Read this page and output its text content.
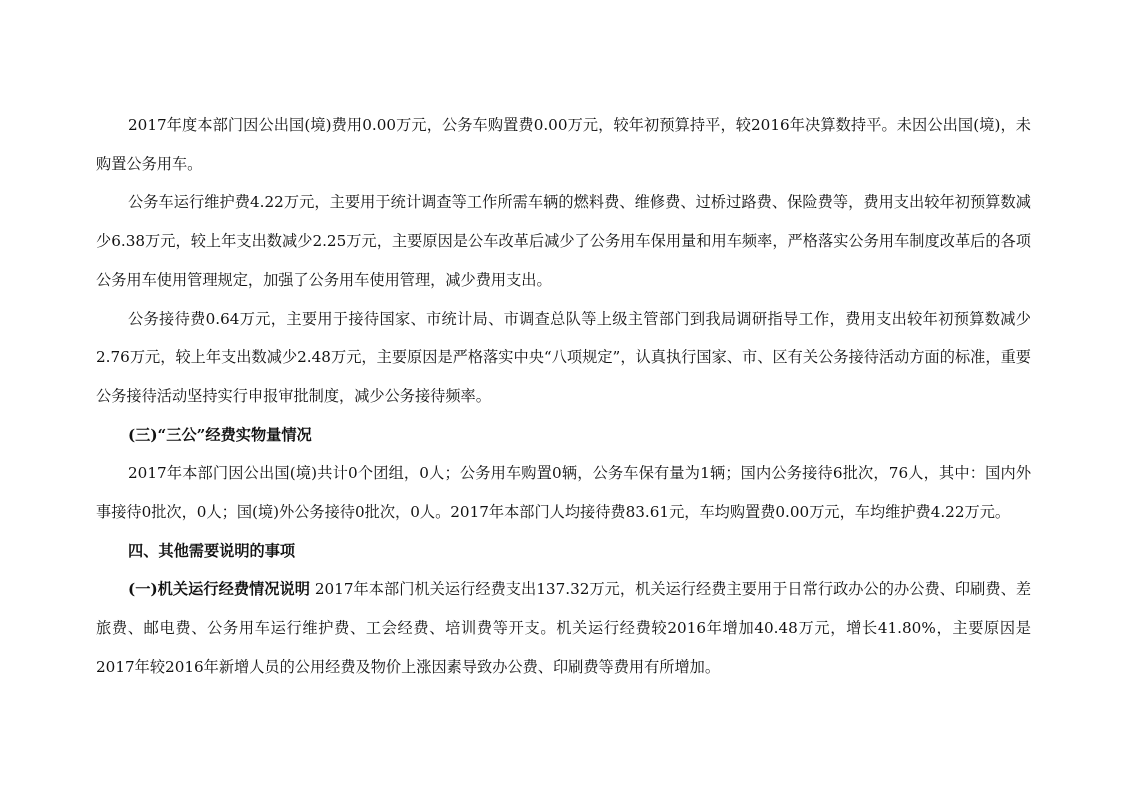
2017年度本部门因公出国(境)费用0.00万元，公务车购置费0.00万元，较年初预算持平，较2016年决算数持平。未因公出国(境)，未购置公务用车。

公务车运行维护费4.22万元，主要用于统计调查等工作所需车辆的燃料费、维修费、过桥过路费、保险费等，费用支出较年初预算数减少6.38万元，较上年支出数减少2.25万元，主要原因是公车改革后减少了公务用车保用量和用车频率，严格落实公务用车制度改革后的各项公务用车使用管理规定，加强了公务用车使用管理，减少费用支出。

公务接待费0.64万元，主要用于接待国家、市统计局、市调查总队等上级主管部门到我局调研指导工作，费用支出较年初预算数减少2.76万元，较上年支出数减少2.48万元，主要原因是严格落实中央“八项规定”，认真执行国家、市、区有关公务接待活动方面的标准，重要公务接待活动坚持实行申报审批制度，减少公务接待频率。

(三)“三公”经费实物量情况

2017年本部门因公出国(境)共计0个团组，0人；公务用车购置0辆，公务车保有量为1辆；国内公务接待6批次，76人，其中：国内外事接待0批次，0人；国(境)外公务接待0批次，0人。2017年本部门人均接待费83.61元，车均购置费0.00万元，车均维护费4.22万元。

四、其他需要说明的事项

(一)机关运行经费情况说明 2017年本部门机关运行经费支出137.32万元，机关运行经费主要用于日常行政办公的办公费、印刷费、差旅费、邮电费、公务用车运行维护费、工会经费、培训费等开支。机关运行经费较2016年增加40.48万元，增长41.80%，主要原因是2017年较2016年新增人员的公用经费及物价上涨因素导致办公费、印刷费等费用有所增加。
